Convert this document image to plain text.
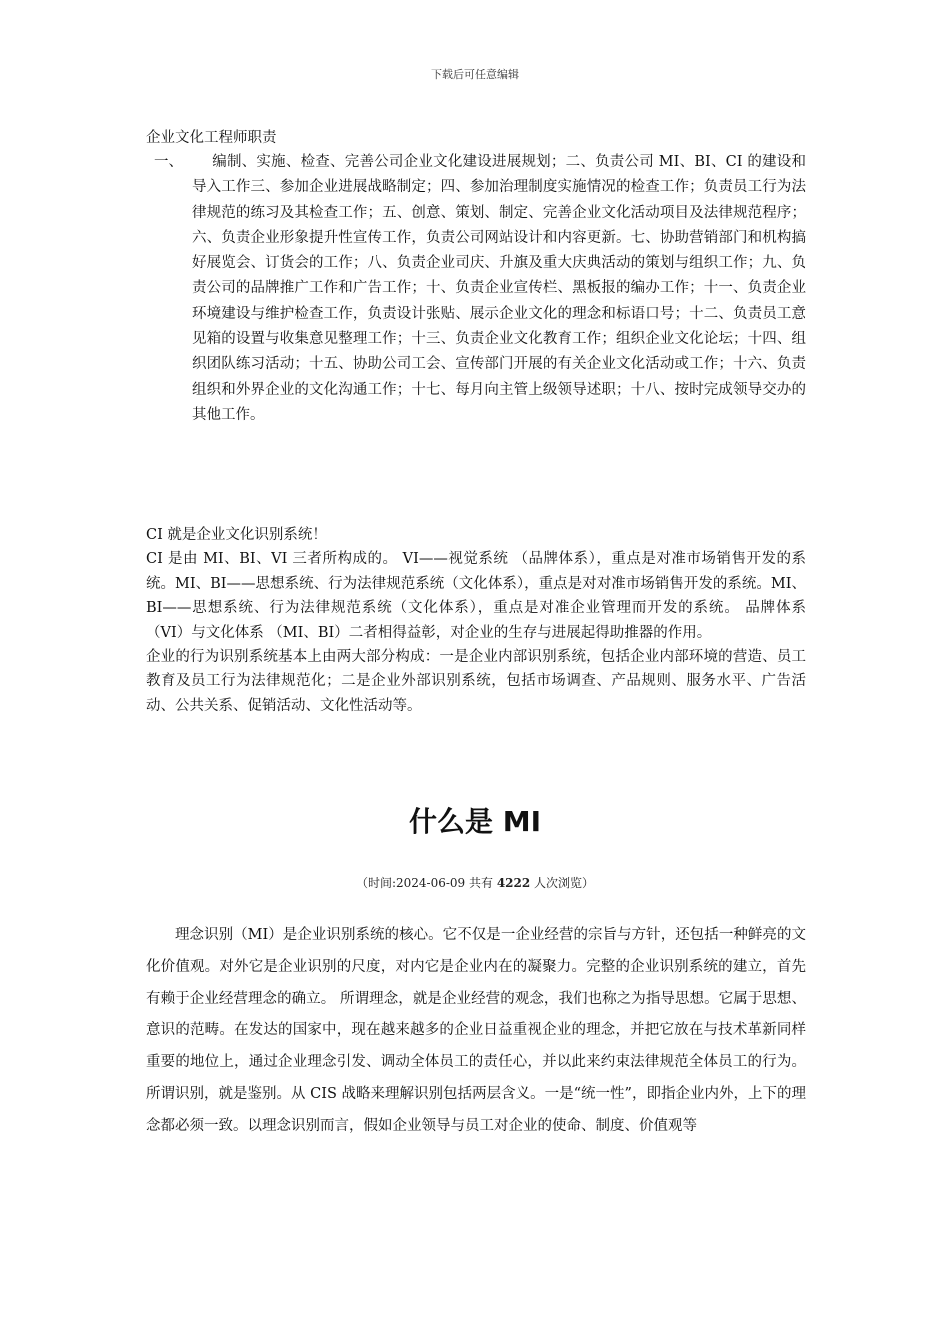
下载后可任意编辑
企业文化工程师职责
一、	编制、实施、检查、完善公司企业文化建设进展规划；二、负责公司 MI、BI、CI 的建设和导入工作三、参加企业进展战略制定；四、参加治理制度实施情况的检查工作；负责员工行为法律规范的练习及其检查工作；五、创意、策划、制定、完善企业文化活动项目及法律规范程序；六、负责企业形象提升性宣传工作，负责公司网站设计和内容更新。七、协助营销部门和机构搞好展览会、订货会的工作；八、负责企业司庆、升旗及重大庆典活动的策划与组织工作；九、负责公司的品牌推广工作和广告工作；十、负责企业宣传栏、黑板报的编办工作；十一、负责企业环境建设与维护检查工作，负责设计张贴、展示企业文化的理念和标语口号；十二、负责员工意见箱的设置与收集意见整理工作；十三、负责企业文化教育工作；组织企业文化论坛；十四、组织团队练习活动；十五、协助公司工会、宣传部门开展的有关企业文化活动或工作；十六、负责组织和外界企业的文化沟通工作；十七、每月向主管上级领导述职；十八、按时完成领导交办的其他工作。

CI 就是企业文化识别系统！

CI 是由 MI、BI、VI 三者所构成的。 VI——视觉系统 （品牌体系），重点是对准市场销售开发的系统。MI、BI——思想系统、行为法律规范系统（文化体系），重点是对对准市场销售开发的系统。MI、BI——思想系统、行为法律规范系统（文化体系），重点是对准企业管理而开发的系统。 品牌体系（VI）与文化体系 （MI、BI）二者相得益彰，对企业的生存与进展起得助推器的作用。

企业的行为识别系统基本上由两大部分构成：一是企业内部识别系统，包括企业内部环境的营造、员工教育及员工行为法律规范化；二是企业外部识别系统，包括市场调查、产品规则、服务水平、广告活动、公共关系、促销活动、文化性活动等。

什么是 MI
（时间:2024-06-09 共有 4222 人次浏览）

理念识别（MI）是企业识别系统的核心。它不仅是一企业经营的宗旨与方针，还包括一种鲜亮的文化价值观。对外它是企业识别的尺度，对内它是企业内在的凝聚力。完整的企业识别系统的建立，首先有赖于企业经营理念的确立。 所谓理念，就是企业经营的观念，我们也称之为指导思想。它属于思想、意识的范畴。在发达的国家中，现在越来越多的企业日益重视企业的理念，并把它放在与技术革新同样重要的地位上，通过企业理念引发、调动全体员工的责任心，并以此来约束法律规范全体员工的行为。 所谓识别，就是鉴别。从 CIS 战略来理解识别包括两层含义。一是“统一性”，即指企业内外，上下的理念都必须一致。以理念识别而言，假如企业领导与员工对企业的使命、制度、价值观等
